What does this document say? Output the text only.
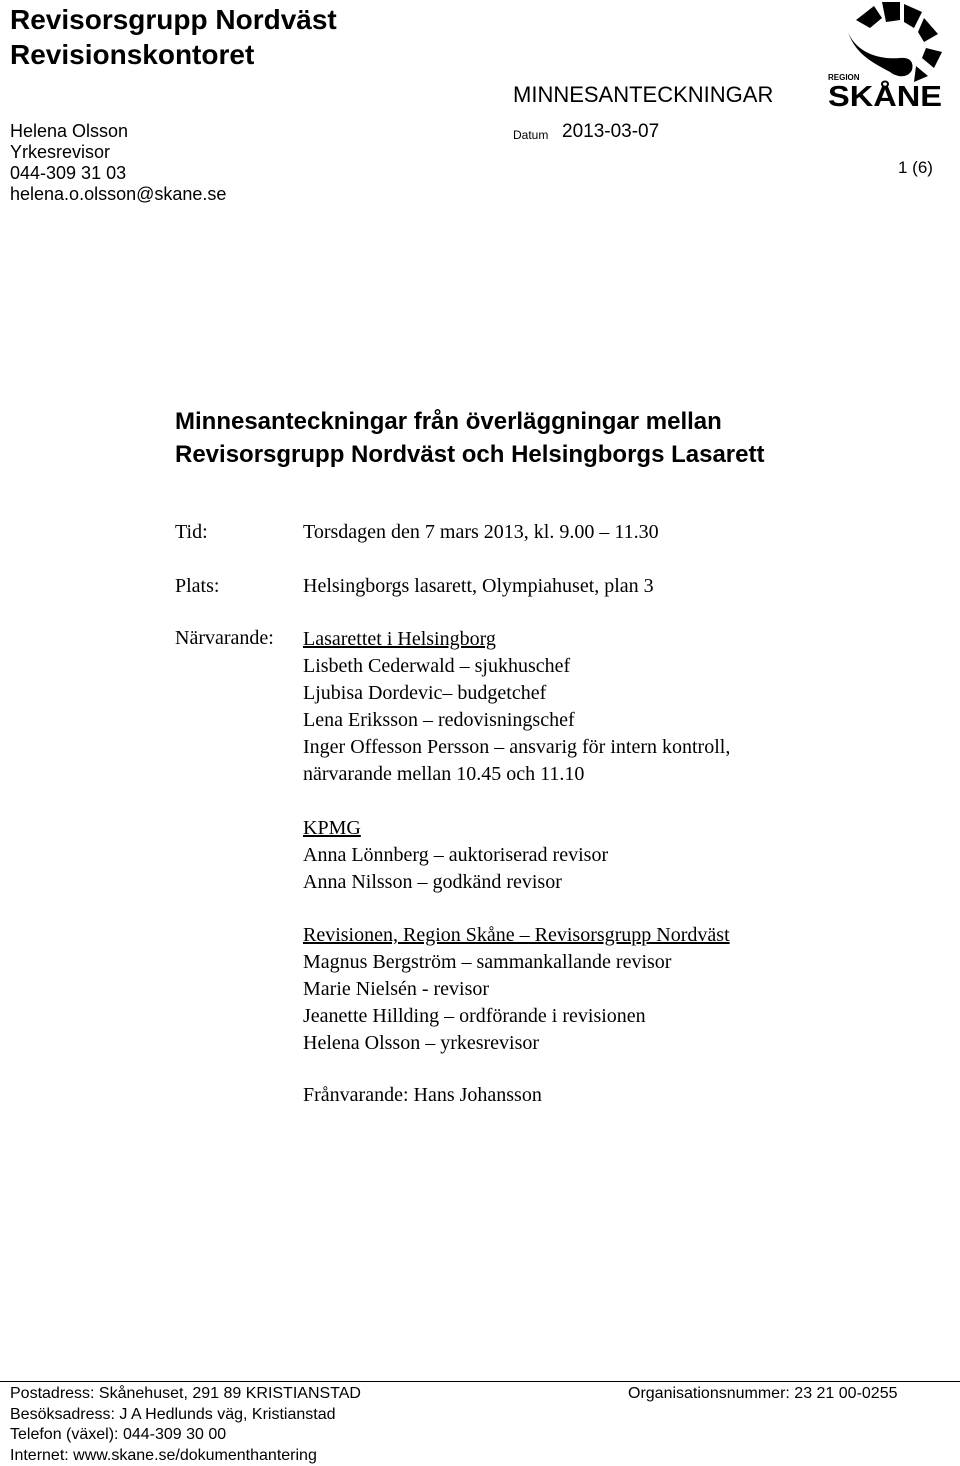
Revisorsgrupp Nordväst
Revisionskontoret
Helena Olsson
Yrkesrevisor
044-309 31 03
helena.o.olsson@skane.se
MINNESANTECKNINGAR
Datum 2013-03-07
1 (6)
REGION
SKÅNE
Minnesanteckningar från överläggningar mellan
Revisorsgrupp Nordväst och Helsingborgs Lasarett
Tid:	Torsdagen den 7 mars 2013, kl. 9.00 – 11.30
Plats:	Helsingborgs lasarett, Olympiahuset, plan 3
Närvarande: Lasarettet i Helsingborg
Lisbeth Cederwald – sjukhuschef
Ljubisa Dordevic– budgetchef
Lena Eriksson – redovisningschef
Inger Offesson Persson – ansvarig för intern kontroll,
närvarande mellan 10.45 och 11.10
KPMG
Anna Lönnberg – auktoriserad revisor
Anna Nilsson – godkänd revisor
Revisionen, Region Skåne – Revisorsgrupp Nordväst
Magnus Bergström – sammankallande revisor
Marie Nielsén - revisor
Jeanette Hillding – ordförande i revisionen
Helena Olsson – yrkesrevisor
Frånvarande: Hans Johansson
Postadress: Skånehuset, 291 89 KRISTIANSTAD
Besöksadress: J A Hedlunds väg, Kristianstad
Telefon (växel): 044-309 30 00
Internet: www.skane.se/dokumenthantering
Organisationsnummer: 23 21 00-0255
